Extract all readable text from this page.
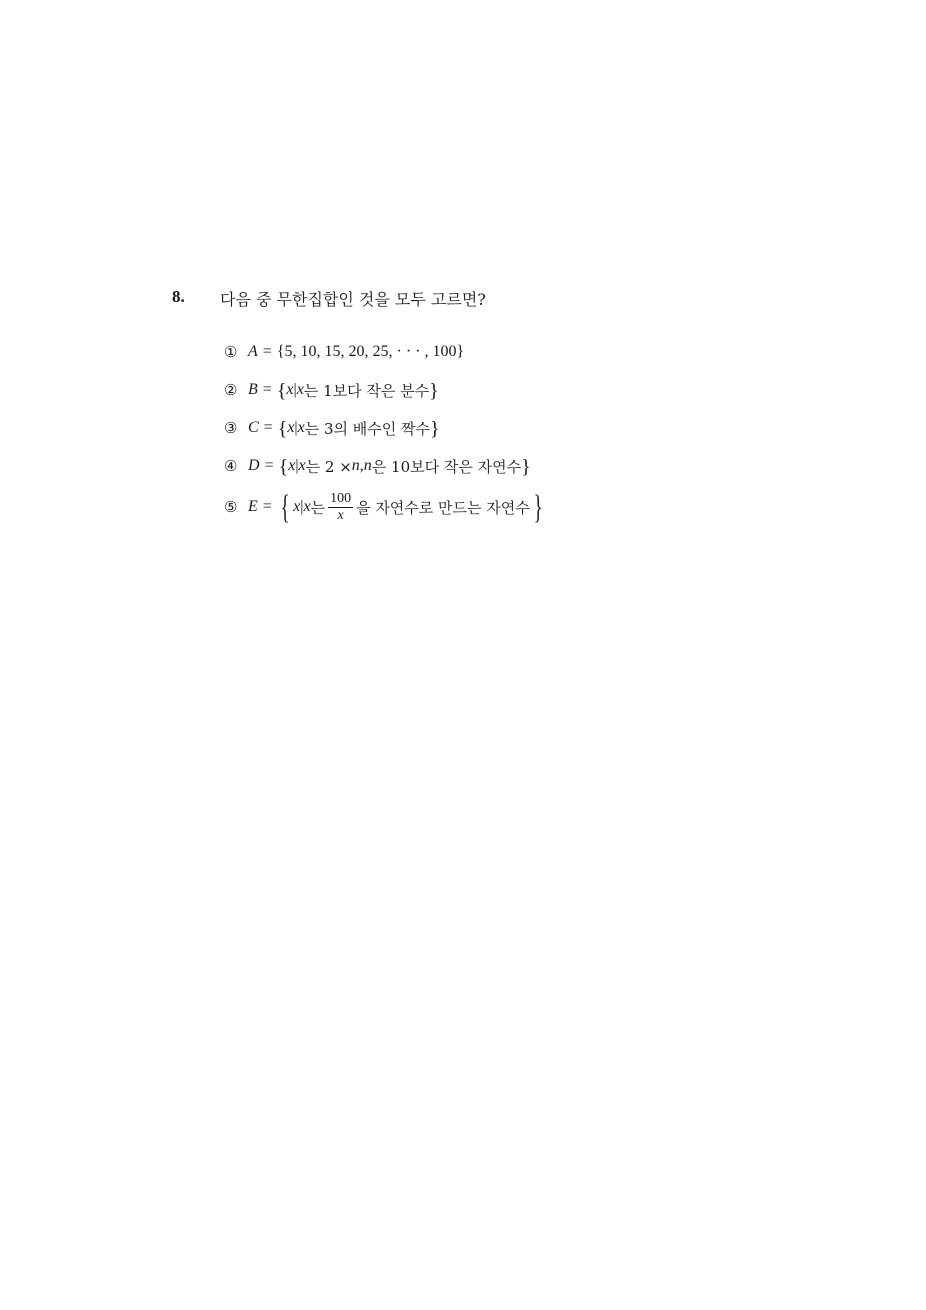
8. 다음 중 무한집합인 것을 모두 고르면?
① A = {5, 10, 15, 20, 25, · · · , 100}
② B = { x | x 는 1보다 작은 분수 }
③ C = { x | x 는 3의 배수인 짝수 }
④ D = { x | x 는 2 × n , n 은 10보다 작은 자연수 }
⑤ E = { x | x 는 $\frac{100}{x}$ 을 자연수로 만드는 자연수 }
